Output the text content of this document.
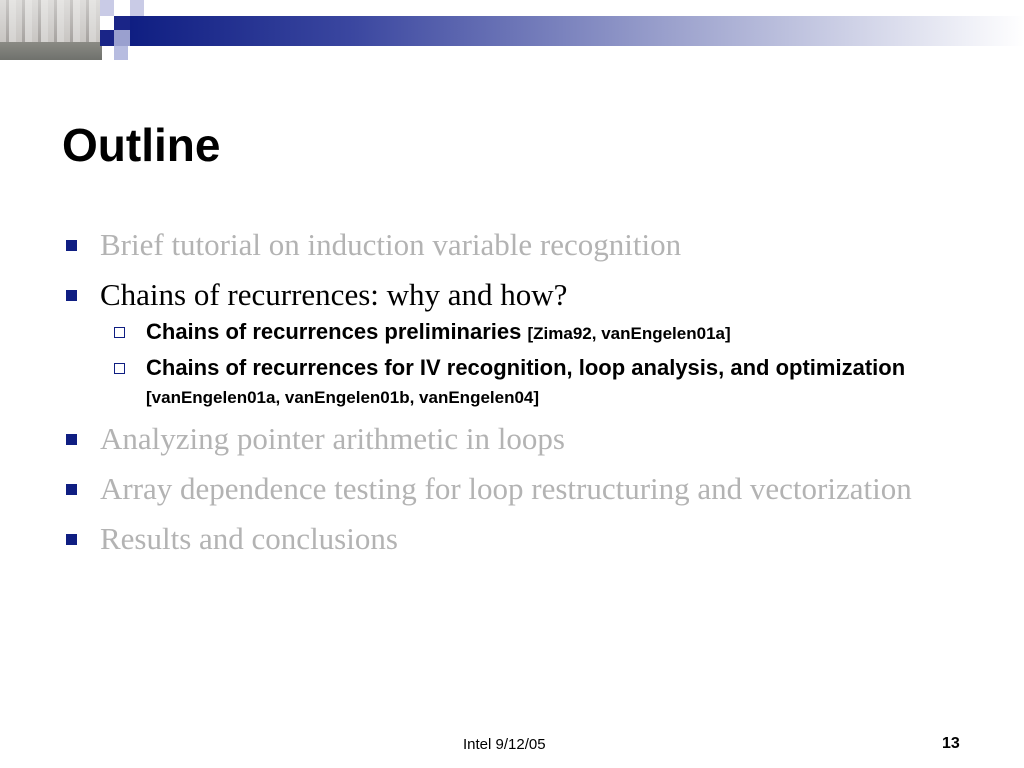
Outline
Brief tutorial on induction variable recognition
Chains of recurrences: why and how?
Chains of recurrences preliminaries [Zima92, vanEngelen01a]
Chains of recurrences for IV recognition, loop analysis, and optimization [vanEngelen01a, vanEngelen01b, vanEngelen04]
Analyzing pointer arithmetic in loops
Array dependence testing for loop restructuring and vectorization
Results and conclusions
Intel 9/12/05	13
